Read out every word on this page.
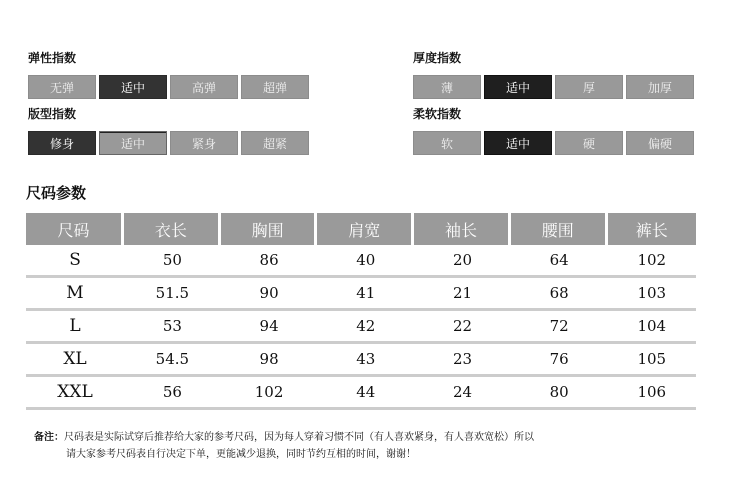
弹性指数
无弹	适中	高弹	超弹
厚度指数
薄	适中	厚	加厚
版型指数
修身	适中	紧身	超紧
柔软指数
软	适中	硬	偏硬
尺码参数
尺码	衣长	胸围	肩宽	袖长	腰围	裤长
S	50	86	40	20	64	102
M	51.5	90	41	21	68	103
L	53	94	42	22	72	104
XL	54.5	98	43	23	76	105
XXL	56	102	44	24	80	106
备注：尺码表是实际试穿后推荐给大家的参考尺码，因为每人穿着习惯不同（有人喜欢紧身，有人喜欢宽松）所以
请大家参考尺码表自行决定下单，更能减少退换，同时节约互相的时间，谢谢！
